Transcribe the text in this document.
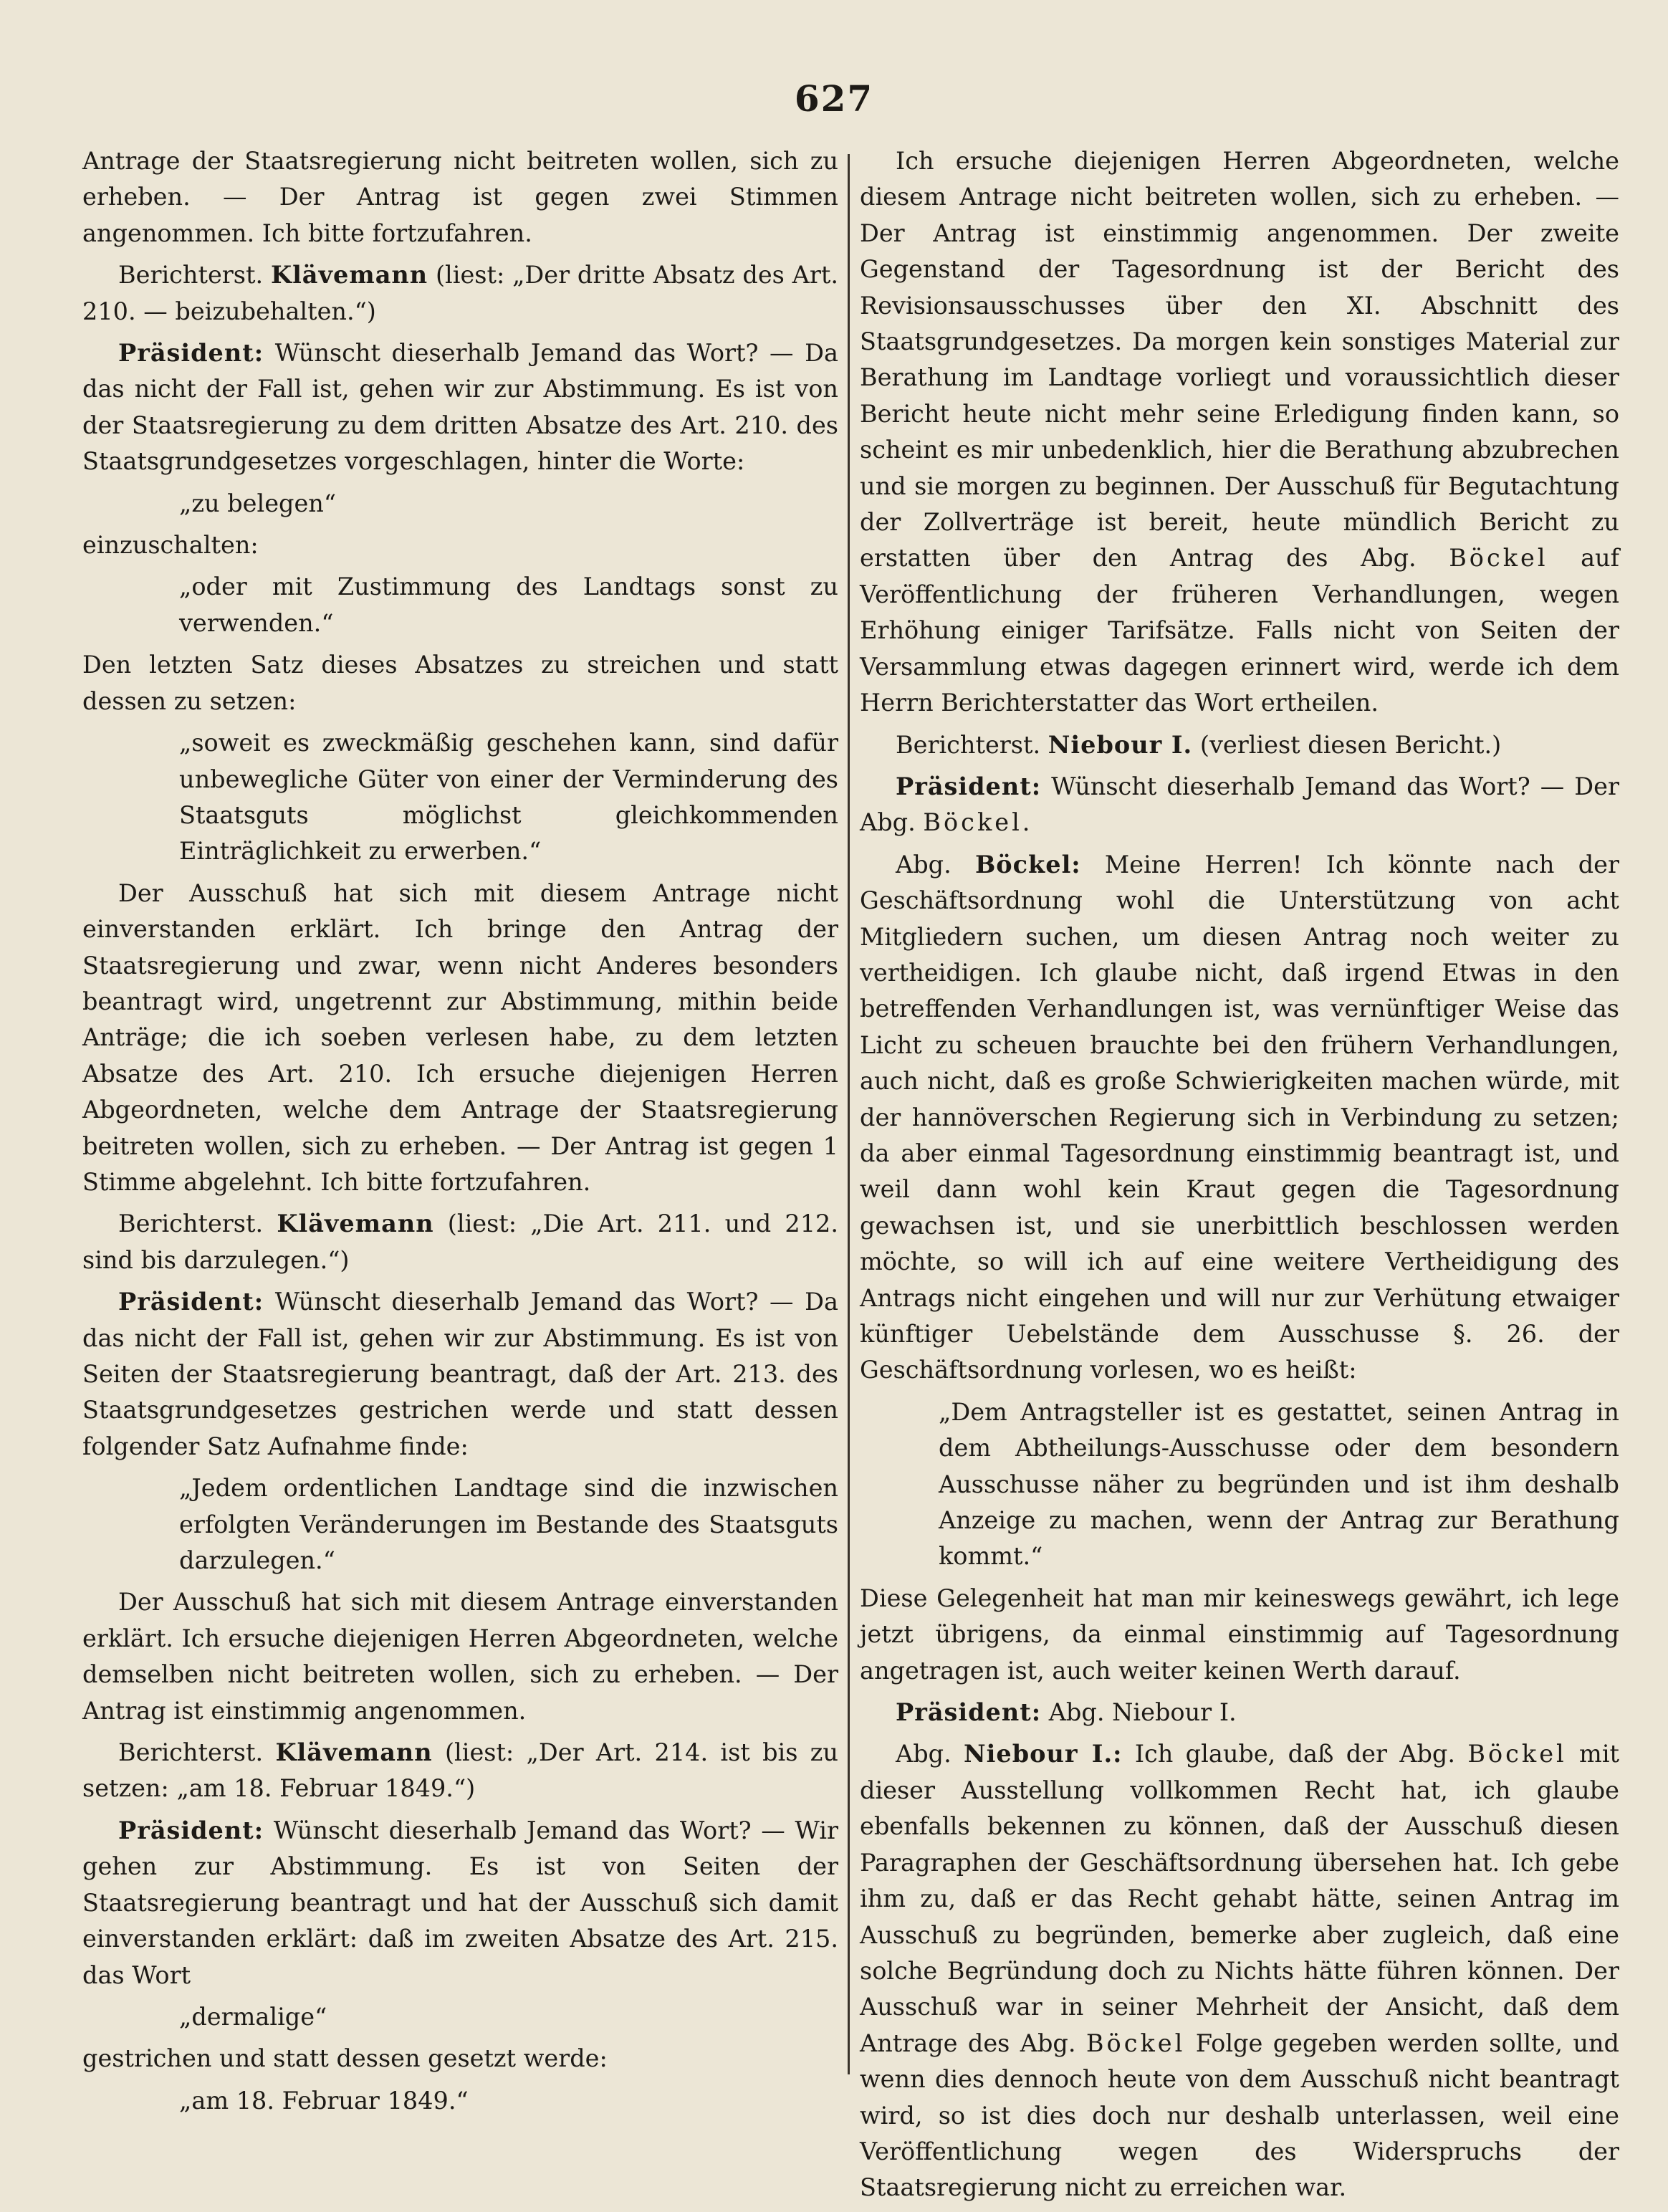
627

Antrage der Staatsregierung nicht beitreten wollen, sich zu erheben. — Der Antrag ist gegen zwei Stimmen angenommen. Ich bitte fortzufahren.

Berichterst. Klävemann (liest: „Der dritte Absatz des Art. 210. — beizubehalten.“)

Präsident: Wünscht dieserhalb Jemand das Wort? — Da das nicht der Fall ist, gehen wir zur Abstimmung. Es ist von der Staatsregierung zu dem dritten Absatze des Art. 210. des Staatsgrundgesetzes vorgeschlagen, hinter die Worte:

„zu belegen“

einzuschalten:

„oder mit Zustimmung des Landtags sonst zu verwenden.“

Den letzten Satz dieses Absatzes zu streichen und statt dessen zu setzen:

„soweit es zweckmäßig geschehen kann, sind dafür unbewegliche Güter von einer der Verminderung des Staatsguts möglichst gleichkommenden Einträglichkeit zu erwerben.“

Der Ausschuß hat sich mit diesem Antrage nicht einverstanden erklärt. Ich bringe den Antrag der Staatsregierung und zwar, wenn nicht Anderes besonders beantragt wird, ungetrennt zur Abstimmung, mithin beide Anträge; die ich soeben verlesen habe, zu dem letzten Absatze des Art. 210. Ich ersuche diejenigen Herren Abgeordneten, welche dem Antrage der Staatsregierung beitreten wollen, sich zu erheben. — Der Antrag ist gegen 1 Stimme abgelehnt. Ich bitte fortzufahren.

Berichterst. Klävemann (liest: „Die Art. 211. und 212. sind bis darzulegen.“)

Präsident: Wünscht dieserhalb Jemand das Wort? — Da das nicht der Fall ist, gehen wir zur Abstimmung. Es ist von Seiten der Staatsregierung beantragt, daß der Art. 213. des Staatsgrundgesetzes gestrichen werde und statt dessen folgender Satz Aufnahme finde:

„Jedem ordentlichen Landtage sind die inzwischen erfolgten Veränderungen im Bestande des Staatsguts darzulegen.“

Der Ausschuß hat sich mit diesem Antrage einverstanden erklärt. Ich ersuche diejenigen Herren Abgeordneten, welche demselben nicht beitreten wollen, sich zu erheben. — Der Antrag ist einstimmig angenommen.

Berichterst. Klävemann (liest: „Der Art. 214. ist bis zu setzen: „am 18. Februar 1849.“)

Präsident: Wünscht dieserhalb Jemand das Wort? — Wir gehen zur Abstimmung. Es ist von Seiten der Staatsregierung beantragt und hat der Ausschuß sich damit einverstanden erklärt: daß im zweiten Absatze des Art. 215. das Wort

„dermalige“

gestrichen und statt dessen gesetzt werde:

„am 18. Februar 1849.“

Ich ersuche diejenigen Herren Abgeordneten, welche diesem Antrage nicht beitreten wollen, sich zu erheben. — Der Antrag ist einstimmig angenommen. Der zweite Gegenstand der Tagesordnung ist der Bericht des Revisionsausschusses über den XI. Abschnitt des Staatsgrundgesetzes. Da morgen kein sonstiges Material zur Berathung im Landtage vorliegt und voraussichtlich dieser Bericht heute nicht mehr seine Erledigung finden kann, so scheint es mir unbedenklich, hier die Berathung abzubrechen und sie morgen zu beginnen. Der Ausschuß für Begutachtung der Zollverträge ist bereit, heute mündlich Bericht zu erstatten über den Antrag des Abg. Böckel auf Veröffentlichung der früheren Verhandlungen, wegen Erhöhung einiger Tarifsätze. Falls nicht von Seiten der Versammlung etwas dagegen erinnert wird, werde ich dem Herrn Berichterstatter das Wort ertheilen.

Berichterst. Niebour I. (verliest diesen Bericht.)

Präsident: Wünscht dieserhalb Jemand das Wort? — Der Abg. Böckel.

Abg. Böckel: Meine Herren! Ich könnte nach der Geschäftsordnung wohl die Unterstützung von acht Mitgliedern suchen, um diesen Antrag noch weiter zu vertheidigen. Ich glaube nicht, daß irgend Etwas in den betreffenden Verhandlungen ist, was vernünftiger Weise das Licht zu scheuen brauchte bei den frühern Verhandlungen, auch nicht, daß es große Schwierigkeiten machen würde, mit der hannöverschen Regierung sich in Verbindung zu setzen; da aber einmal Tagesordnung einstimmig beantragt ist, und weil dann wohl kein Kraut gegen die Tagesordnung gewachsen ist, und sie unerbittlich beschlossen werden möchte, so will ich auf eine weitere Vertheidigung des Antrags nicht eingehen und will nur zur Verhütung etwaiger künftiger Uebelstände dem Ausschusse §. 26. der Geschäftsordnung vorlesen, wo es heißt:

„Dem Antragsteller ist es gestattet, seinen Antrag in dem Abtheilungs-Ausschusse oder dem besondern Ausschusse näher zu begründen und ist ihm deshalb Anzeige zu machen, wenn der Antrag zur Berathung kommt.“

Diese Gelegenheit hat man mir keineswegs gewährt, ich lege jetzt übrigens, da einmal einstimmig auf Tagesordnung angetragen ist, auch weiter keinen Werth darauf.

Präsident: Abg. Niebour I.

Abg. Niebour I.: Ich glaube, daß der Abg. Böckel mit dieser Ausstellung vollkommen Recht hat, ich glaube ebenfalls bekennen zu können, daß der Ausschuß diesen Paragraphen der Geschäftsordnung übersehen hat. Ich gebe ihm zu, daß er das Recht gehabt hätte, seinen Antrag im Ausschuß zu begründen, bemerke aber zugleich, daß eine solche Begründung doch zu Nichts hätte führen können. Der Ausschuß war in seiner Mehrheit der Ansicht, daß dem Antrage des Abg. Böckel Folge gegeben werden sollte, und wenn dies dennoch heute von dem Ausschuß nicht beantragt wird, so ist dies doch nur deshalb unterlassen, weil eine Veröffentlichung wegen des Widerspruchs der Staatsregierung nicht zu erreichen war.
